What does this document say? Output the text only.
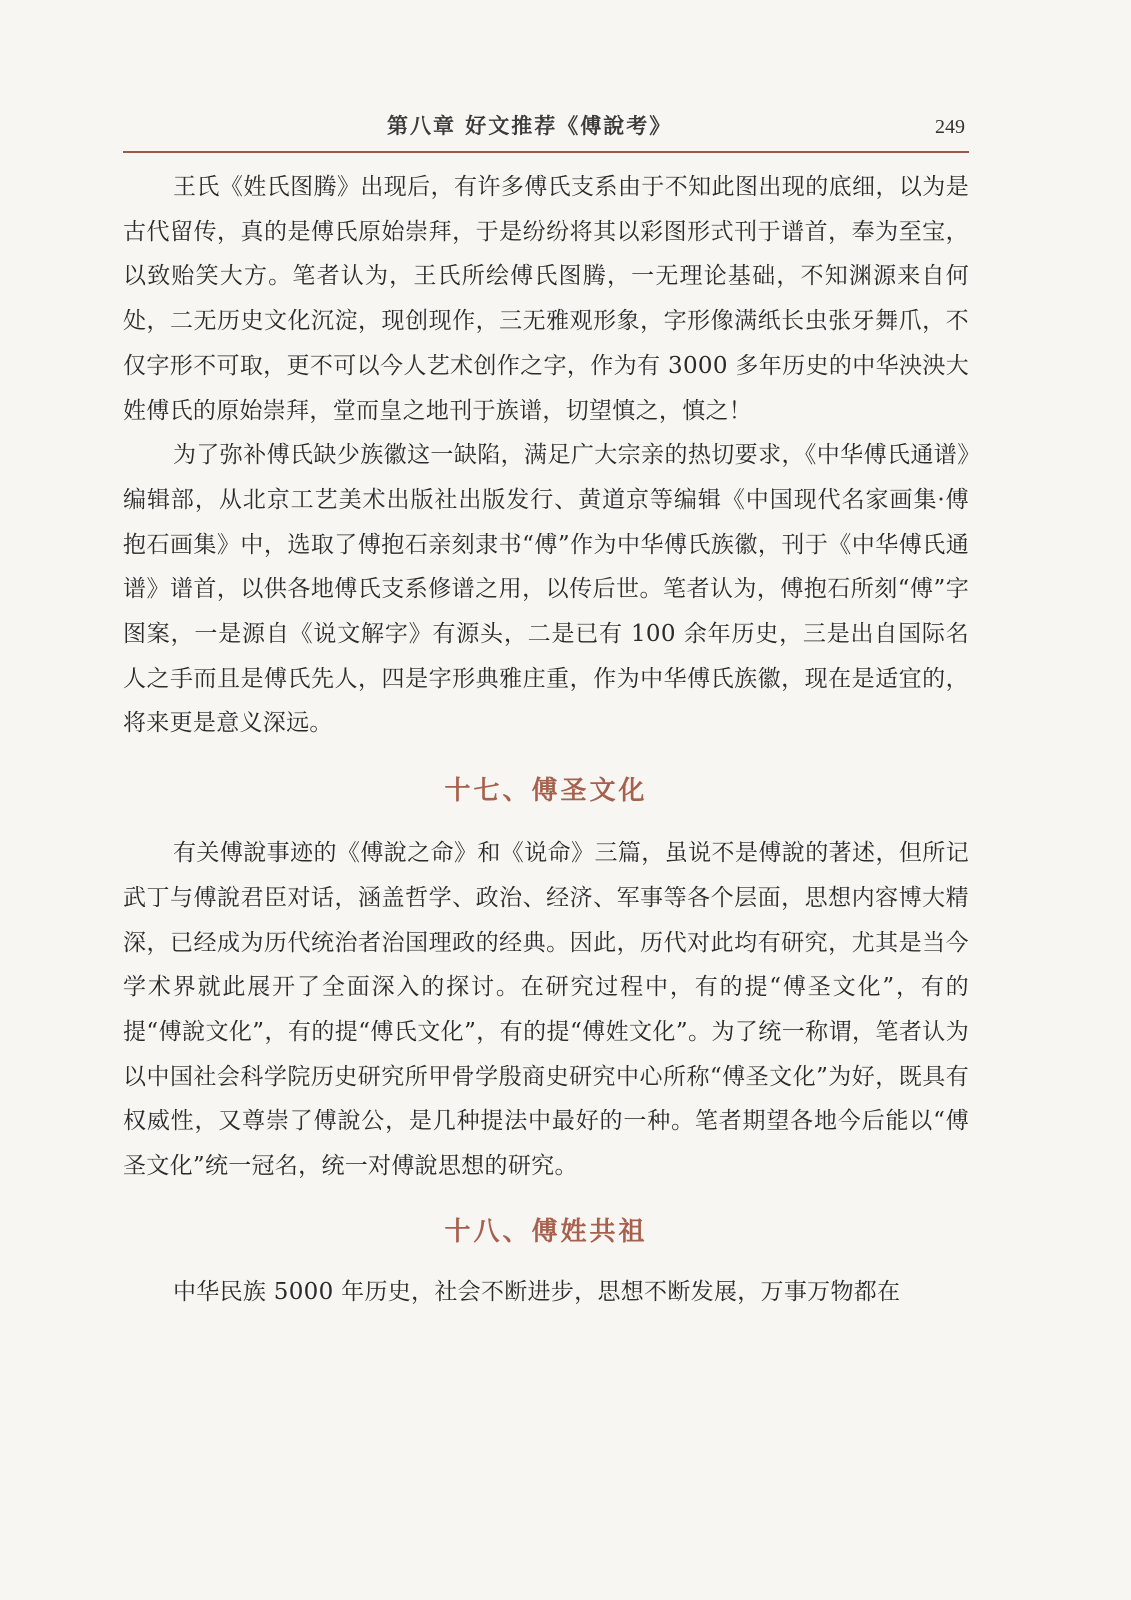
第八章 好文推荐《傅說考》	249

王氏《姓氏图腾》出现后，有许多傅氏支系由于不知此图出现的底细，以为是古代留传，真的是傅氏原始崇拜，于是纷纷将其以彩图形式刊于谱首，奉为至宝，以致贻笑大方。笔者认为，王氏所绘傅氏图腾，一无理论基础，不知渊源来自何处，二无历史文化沉淀，现创现作，三无雅观形象，字形像满纸长虫张牙舞爪，不仅字形不可取，更不可以今人艺术创作之字，作为有 3000 多年历史的中华泱泱大姓傅氏的原始崇拜，堂而皇之地刊于族谱，切望慎之，慎之！

为了弥补傅氏缺少族徽这一缺陷，满足广大宗亲的热切要求，《中华傅氏通谱》编辑部，从北京工艺美术出版社出版发行、黄道京等编辑《中国现代名家画集·傅抱石画集》中，选取了傅抱石亲刻隶书“傅”作为中华傅氏族徽，刊于《中华傅氏通谱》谱首，以供各地傅氏支系修谱之用，以传后世。笔者认为，傅抱石所刻“傅”字图案，一是源自《说文解字》有源头，二是已有 100 余年历史，三是出自国际名人之手而且是傅氏先人，四是字形典雅庄重，作为中华傅氏族徽，现在是适宜的，将来更是意义深远。

十七、傅圣文化

有关傅說事迹的《傅說之命》和《说命》三篇，虽说不是傅說的著述，但所记武丁与傅說君臣对话，涵盖哲学、政治、经济、军事等各个层面，思想内容博大精深，已经成为历代统治者治国理政的经典。因此，历代对此均有研究，尤其是当今学术界就此展开了全面深入的探讨。在研究过程中，有的提“傅圣文化”，有的提“傅說文化”，有的提“傅氏文化”，有的提“傅姓文化”。为了统一称谓，笔者认为以中国社会科学院历史研究所甲骨学殷商史研究中心所称“傅圣文化”为好，既具有权威性，又尊崇了傅說公，是几种提法中最好的一种。笔者期望各地今后能以“傅圣文化”统一冠名，统一对傅說思想的研究。

十八、傅姓共祖

中华民族 5000 年历史，社会不断进步，思想不断发展，万事万物都在
